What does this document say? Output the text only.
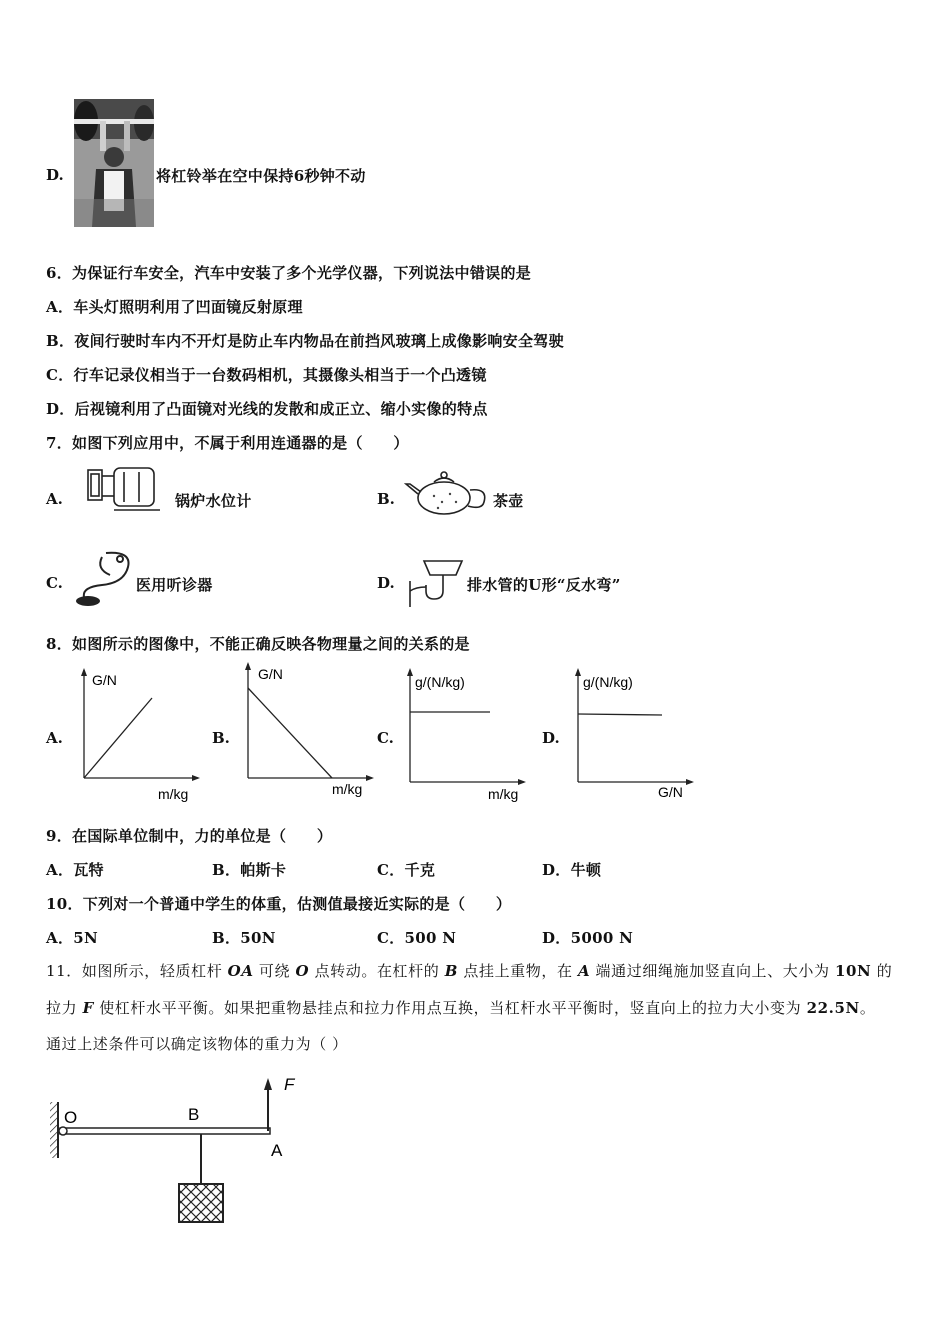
D.	将杠铃举在空中保持6秒钟不动
6．为保证行车安全，汽车中安装了多个光学仪器，下列说法中错误的是
A．车头灯照明利用了凹面镜反射原理
B．夜间行驶时车内不开灯是防止车内物品在前挡风玻璃上成像影响安全驾驶
C．行车记录仪相当于一台数码相机，其摄像头相当于一个凸透镜
D．后视镜利用了凸面镜对光线的发散和成正立、缩小实像的特点
7．如图下列应用中，不属于利用连通器的是（　　）
A.	锅炉水位计	B.	茶壶
C.	医用听诊器	D.	排水管的U形“反水弯”
8．如图所示的图像中，不能正确反映各物理量之间的关系的是
A.
G/N
m/kg
B.
G/N
m/kg
C.
g/(N/kg)
m/kg
D.
g/(N/kg)
G/N
9．在国际单位制中，力的单位是（　　）
A．瓦特	B．帕斯卡	C．千克	D．牛顿
10．下列对一个普通中学生的体重，估测值最接近实际的是（　　）
A．5N	B．50N	C．500 N	D．5000 N
11．如图所示，轻质杠杆 OA 可绕 O 点转动。在杠杆的 B 点挂上重物，在 A 端通过细绳施加竖直向上、大小为 10N 的
拉力 F 使杠杆水平平衡。如果把重物悬挂点和拉力作用点互换，当杠杆水平平衡时，竖直向上的拉力大小变为 22.5N。
通过上述条件可以确定该物体的重力为（ ）
O	B
A
F
